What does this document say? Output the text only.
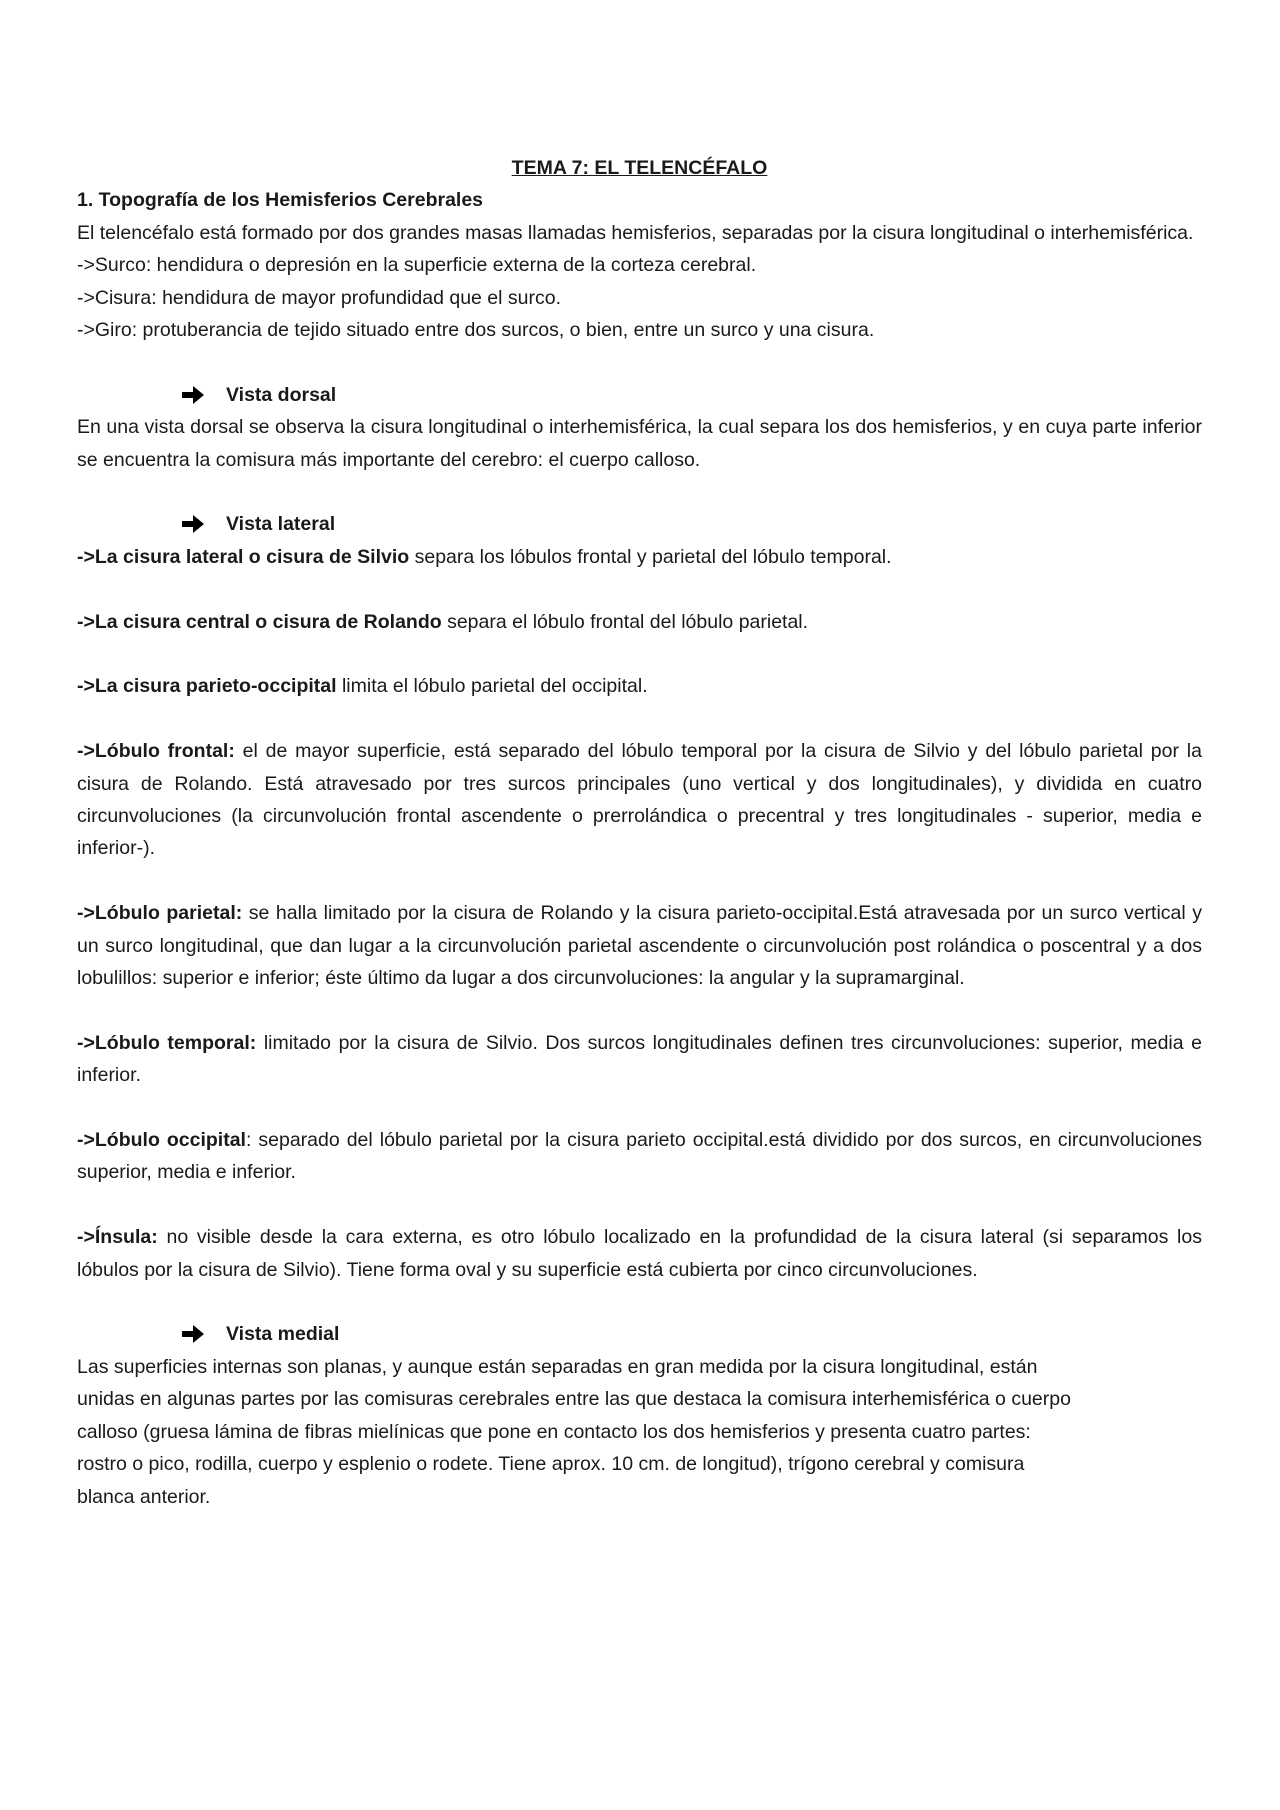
TEMA 7: EL TELENCÉFALO

1. Topografía de los Hemisferios Cerebrales

El telencéfalo está formado por dos grandes masas llamadas hemisferios, separadas por la cisura longitudinal o interhemisférica.

->Surco: hendidura o depresión en la superficie externa de la corteza cerebral.

->Cisura: hendidura de mayor profundidad que el surco.

->Giro: protuberancia de tejido situado entre dos surcos, o bien, entre un surco y una cisura.

Vista dorsal

En una vista dorsal se observa la cisura longitudinal o interhemisférica, la cual separa los dos hemisferios, y en cuya parte inferior se encuentra la comisura más importante del cerebro: el cuerpo calloso.

Vista lateral

->La cisura lateral o cisura de Silvio separa los lóbulos frontal y parietal del lóbulo temporal.

->La cisura central o cisura de Rolando separa el lóbulo frontal del lóbulo parietal.

->La cisura parieto-occipital limita el lóbulo parietal del occipital.

->Lóbulo frontal: el de mayor superficie, está separado del lóbulo temporal por la cisura de Silvio y del lóbulo parietal por la cisura de Rolando. Está atravesado por tres surcos principales (uno vertical y dos longitudinales), y dividida en cuatro circunvoluciones (la circunvolución frontal ascendente o prerrolándica o precentral y tres longitudinales - superior, media e inferior-).

->Lóbulo parietal: se halla limitado por la cisura de Rolando y la cisura parieto-occipital.Está atravesada por un surco vertical y un surco longitudinal, que dan lugar a la circunvolución parietal ascendente o circunvolución post rolándica o poscentral y a dos lobulillos: superior e inferior; éste último da lugar a dos circunvoluciones: la angular y la supramarginal.

->Lóbulo temporal: limitado por la cisura de Silvio. Dos surcos longitudinales definen tres circunvoluciones: superior, media e inferior.

->Lóbulo occipital: separado del lóbulo parietal por la cisura parieto occipital.está dividido por dos surcos, en circunvoluciones superior, media e inferior.

->Ínsula: no visible desde la cara externa, es otro lóbulo localizado en la profundidad de la cisura lateral (si separamos los lóbulos por la cisura de Silvio). Tiene forma oval y su superficie está cubierta por cinco circunvoluciones.

Vista medial

Las superficies internas son planas, y aunque están separadas en gran medida por la cisura longitudinal, están

unidas en algunas partes por las comisuras cerebrales entre las que destaca la comisura interhemisférica o cuerpo

calloso (gruesa lámina de fibras mielínicas que pone en contacto los dos hemisferios y presenta cuatro partes:

rostro o pico, rodilla, cuerpo y esplenio o rodete. Tiene aprox. 10 cm. de longitud), trígono cerebral y comisura

blanca anterior.
